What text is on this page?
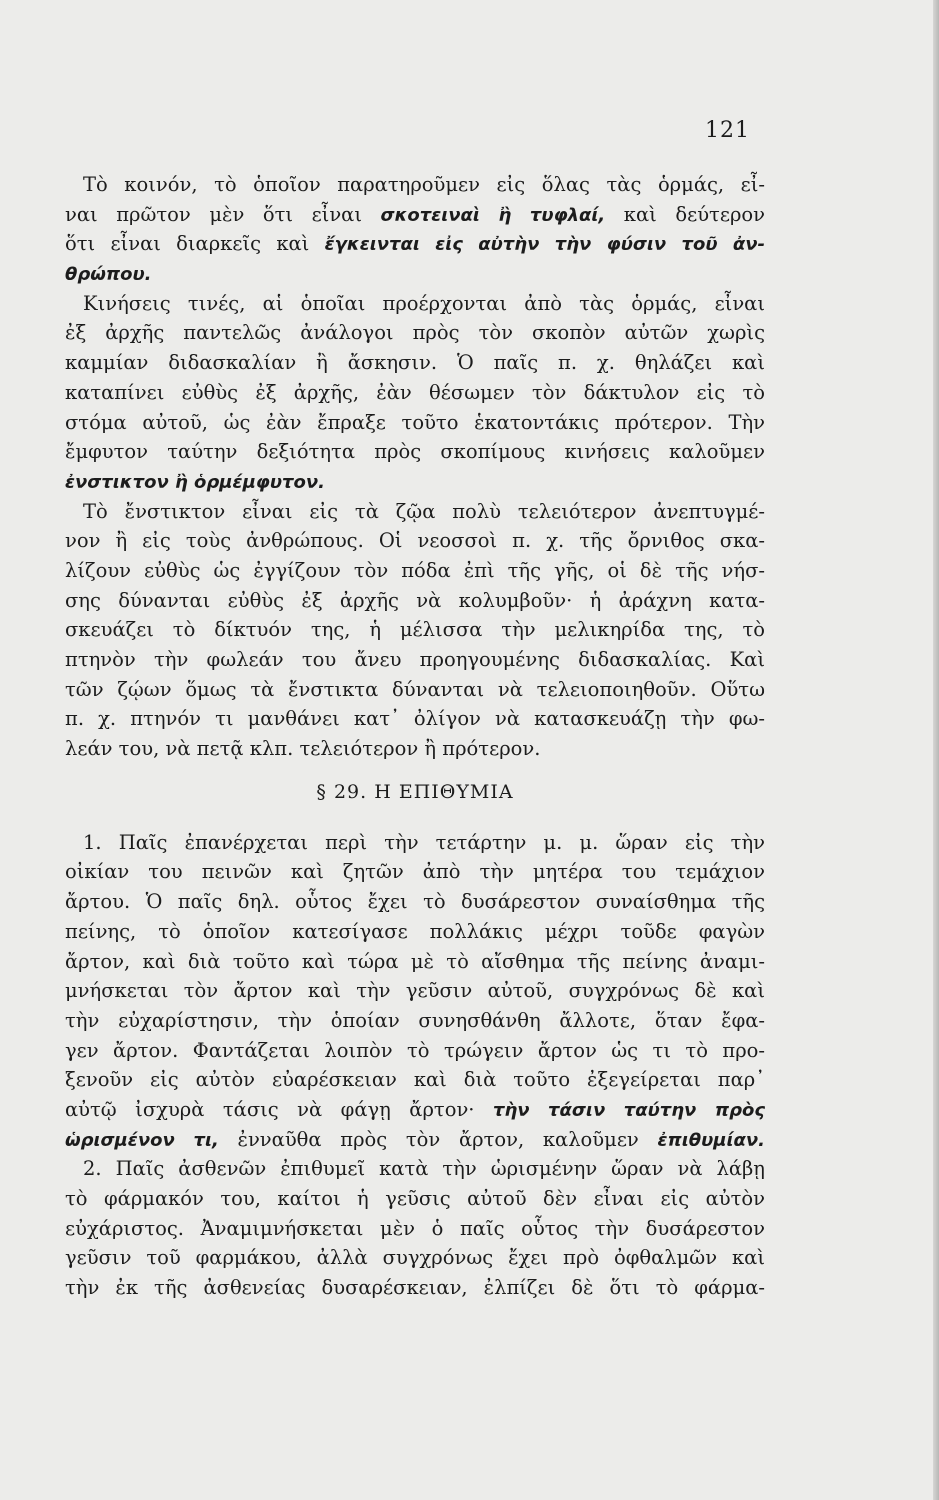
121
Τὸ κοινόν, τὸ ὁποῖον παρατηροῦμεν εἰς ὅλας τὰς ὁρμάς, εἶ-
ναι πρῶτον μὲν ὅτι εἶναι σκοτειναὶ ἢ τυφλαί, καὶ δεύτερον
ὅτι εἶναι διαρκεῖς καὶ ἔγκεινται εἰς αὐτὴν τὴν φύσιν τοῦ ἀν-
θρώπου.
Κινήσεις τινές, αἱ ὁποῖαι προέρχονται ἀπὸ τὰς ὁρμάς, εἶναι
ἐξ ἀρχῆς παντελῶς ἀνάλογοι πρὸς τὸν σκοπὸν αὐτῶν χωρὶς
καμμίαν διδασκαλίαν ἢ ἄσκησιν. Ὁ παῖς π. χ. θηλάζει καὶ
καταπίνει εὐθὺς ἐξ ἀρχῆς, ἐὰν θέσωμεν τὸν δάκτυλον εἰς τὸ
στόμα αὐτοῦ, ὡς ἐὰν ἔπραξε τοῦτο ἑκατοντάκις πρότερον. Τὴν
ἔμφυτον ταύτην δεξιότητα πρὸς σκοπίμους κινήσεις καλοῦμεν
ἐνστικτον ἢ ὁρμέμφυτον.
Τὸ ἔνστικτον εἶναι εἰς τὰ ζῷα πολὺ τελειότερον ἀνεπτυγμέ-
νον ἢ εἰς τοὺς ἀνθρώπους. Οἱ νεοσσοὶ π. χ. τῆς ὄρνιθος σκα-
λίζουν εὐθὺς ὡς ἐγγίζουν τὸν πόδα ἐπὶ τῆς γῆς, οἱ δὲ τῆς νήσ-
σης δύνανται εὐθὺς ἐξ ἀρχῆς νὰ κολυμβοῦν· ἡ ἀράχνη κατα-
σκευάζει τὸ δίκτυόν της, ἡ μέλισσα τὴν μελικηρίδα της, τὸ
πτηνὸν τὴν φωλεάν του ἄνευ προηγουμένης διδασκαλίας. Καὶ
τῶν ζῴων ὅμως τὰ ἔνστικτα δύνανται νὰ τελειοποιηθοῦν. Οὕτω
π. χ. πτηνόν τι μανθάνει κατ᾽ ὀλίγον νὰ κατασκευάζῃ τὴν φω-
λεάν του, νὰ πετᾷ κλπ. τελειότερον ἢ πρότερον.
§ 29. Η ΕΠΙΘΥΜΙΑ
1. Παῖς ἐπανέρχεται περὶ τὴν τετάρτην μ. μ. ὥραν εἰς τὴν
οἰκίαν του πεινῶν καὶ ζητῶν ἀπὸ τὴν μητέρα του τεμάχιον
ἄρτου. Ὁ παῖς δηλ. οὗτος ἔχει τὸ δυσάρεστον συναίσθημα τῆς
πείνης, τὸ ὁποῖον κατεσίγασε πολλάκις μέχρι τοῦδε φαγὼν
ἄρτον, καὶ διὰ τοῦτο καὶ τώρα μὲ τὸ αἴσθημα τῆς πείνης ἀναμι-
μνήσκεται τὸν ἄρτον καὶ τὴν γεῦσιν αὐτοῦ, συγχρόνως δὲ καὶ
τὴν εὐχαρίστησιν, τὴν ὁποίαν συνησθάνθη ἄλλοτε, ὅταν ἔφα-
γεν ἄρτον. Φαντάζεται λοιπὸν τὸ τρώγειν ἄρτον ὡς τι τὸ προ-
ξενοῦν εἰς αὐτὸν εὐαρέσκειαν καὶ διὰ τοῦτο ἐξεγείρεται παρ᾽
αὐτῷ ἰσχυρὰ τάσις νὰ φάγῃ ἄρτον· τὴν τάσιν ταύτην πρὸς
ὡρισμένον τι, ἐνναῦθα πρὸς τὸν ἄρτον, καλοῦμεν ἐπιθυμίαν.
2. Παῖς ἀσθενῶν ἐπιθυμεῖ κατὰ τὴν ὡρισμένην ὥραν νὰ λάβῃ
τὸ φάρμακόν του, καίτοι ἡ γεῦσις αὐτοῦ δὲν εἶναι εἰς αὐτὸν
εὐχάριστος. Ἀναμιμνήσκεται μὲν ὁ παῖς οὗτος τὴν δυσάρεστον
γεῦσιν τοῦ φαρμάκου, ἀλλὰ συγχρόνως ἔχει πρὸ ὀφθαλμῶν καὶ
τὴν ἐκ τῆς ἀσθενείας δυσαρέσκειαν, ἐλπίζει δὲ ὅτι τὸ φάρμα-
